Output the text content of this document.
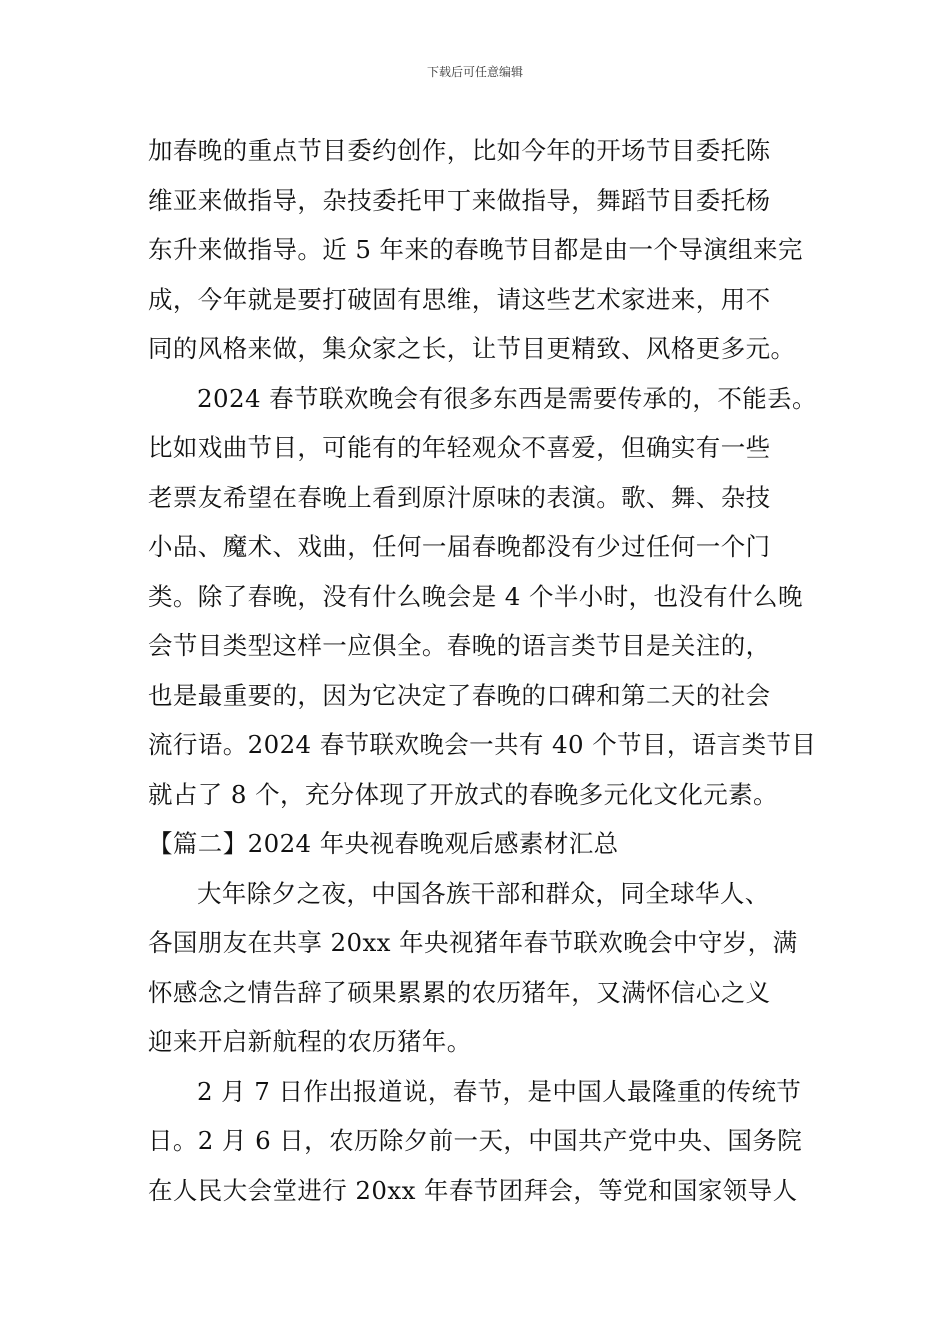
下载后可任意编辑
加春晚的重点节目委约创作，比如今年的开场节目委托陈
维亚来做指导，杂技委托甲丁来做指导，舞蹈节目委托杨
东升来做指导。近 5 年来的春晚节目都是由一个导演组来完
成，今年就是要打破固有思维，请这些艺术家进来，用不
同的风格来做，集众家之长，让节目更精致、风格更多元。
2024 春节联欢晚会有很多东西是需要传承的，不能丢。
比如戏曲节目，可能有的年轻观众不喜爱，但确实有一些
老票友希望在春晚上看到原汁原味的表演。歌、舞、杂技
小品、魔术、戏曲，任何一届春晚都没有少过任何一个门
类。除了春晚，没有什么晚会是 4 个半小时，也没有什么晚
会节目类型这样一应俱全。春晚的语言类节目是关注的，
也是最重要的，因为它决定了春晚的口碑和第二天的社会
流行语。2024 春节联欢晚会一共有 40 个节目，语言类节目
就占了 8 个，充分体现了开放式的春晚多元化文化元素。
【篇二】2024 年央视春晚观后感素材汇总
大年除夕之夜，中国各族干部和群众，同全球华人、
各国朋友在共享 20xx 年央视猪年春节联欢晚会中守岁，满
怀感念之情告辞了硕果累累的农历猪年，又满怀信心之义
迎来开启新航程的农历猪年。
2 月 7 日作出报道说，春节，是中国人最隆重的传统节
日。2 月 6 日，农历除夕前一天，中国共产党中央、国务院
在人民大会堂进行 20xx 年春节团拜会，等党和国家领导人
